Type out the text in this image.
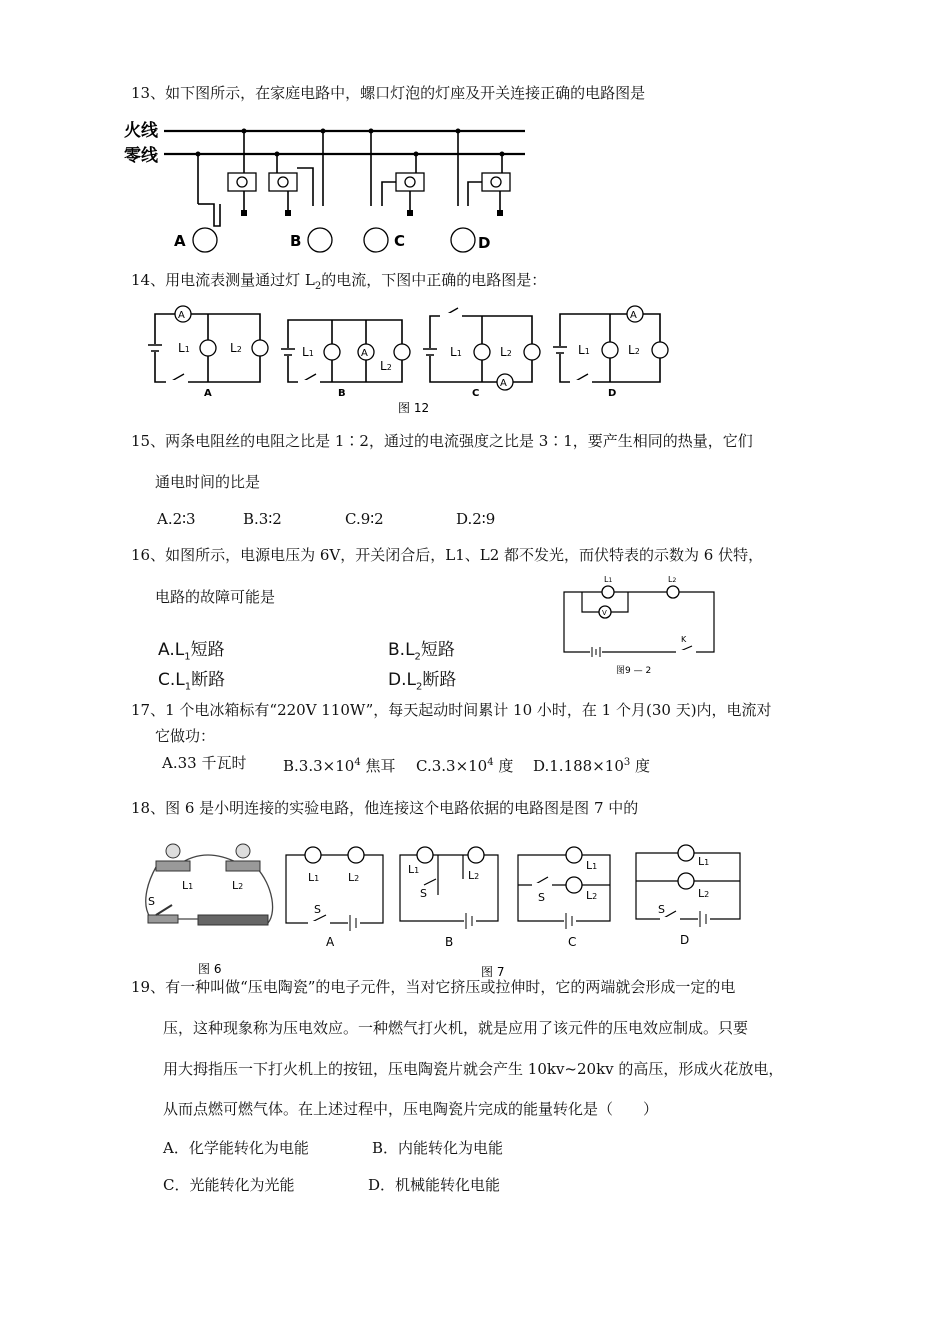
13、如下图所示，在家庭电路中，螺口灯泡的灯座及开关连接正确的电路图是
火线
零线
A	B	C	D
14、用电流表测量通过灯 $L_2$的电流，下图中正确的电路图是：
A
L1	L2
A
A
L1
L2
B
A
L1	L2
C
A
L1	L2
D
图 12
15、两条电阻丝的电阻之比是 1∶2，通过的电流强度之比是 3∶1，要产生相同的热量，它们
通电时间的比是
A.2∶3	B.3∶2	C.9∶2	D.2∶9
16、如图所示，电源电压为 6V，开关闭合后，L1、L2 都不发光，而伏特表的示数为 6 伏特，
电路的故障可能是
$A.L_1$短路	$B.L_2$短路
$C.L_1$断路	$D.L_2$断路
V
L1	L2
K
图9 — 2
17、1 个电冰箱标有“220V 110W”，每天起动时间累计 10 小时，在 1 个月(30 天)内，电流对
它做功：
A.33 千瓦时 $B.3.3\times 10^4$ 焦耳 $C.3.3\times 10^4$ 度 $D.1.188\times 10^3$ 度
18、图 6 是小明连接的实验电路，他连接这个电路依据的电路图是图 7 中的
L1	L2
S
L1	L2
S
A
L1	L2
S
B
L1
L2
S
C
L1
L2
S
D
图 6	图 7
19、有一种叫做“压电陶瓷”的电子元件，当对它挤压或拉伸时，它的两端就会形成一定的电
压，这种现象称为压电效应。一种燃气打火机，就是应用了该元件的压电效应制成。只要
用大拇指压一下打火机上的按钮，压电陶瓷片就会产生 10kv~20kv 的高压，形成火花放电，
从而点燃可燃气体。在上述过程中，压电陶瓷片完成的能量转化是（　　）
A．化学能转化为电能	B．内能转化为电能
C．光能转化为光能	D．机械能转化电能
